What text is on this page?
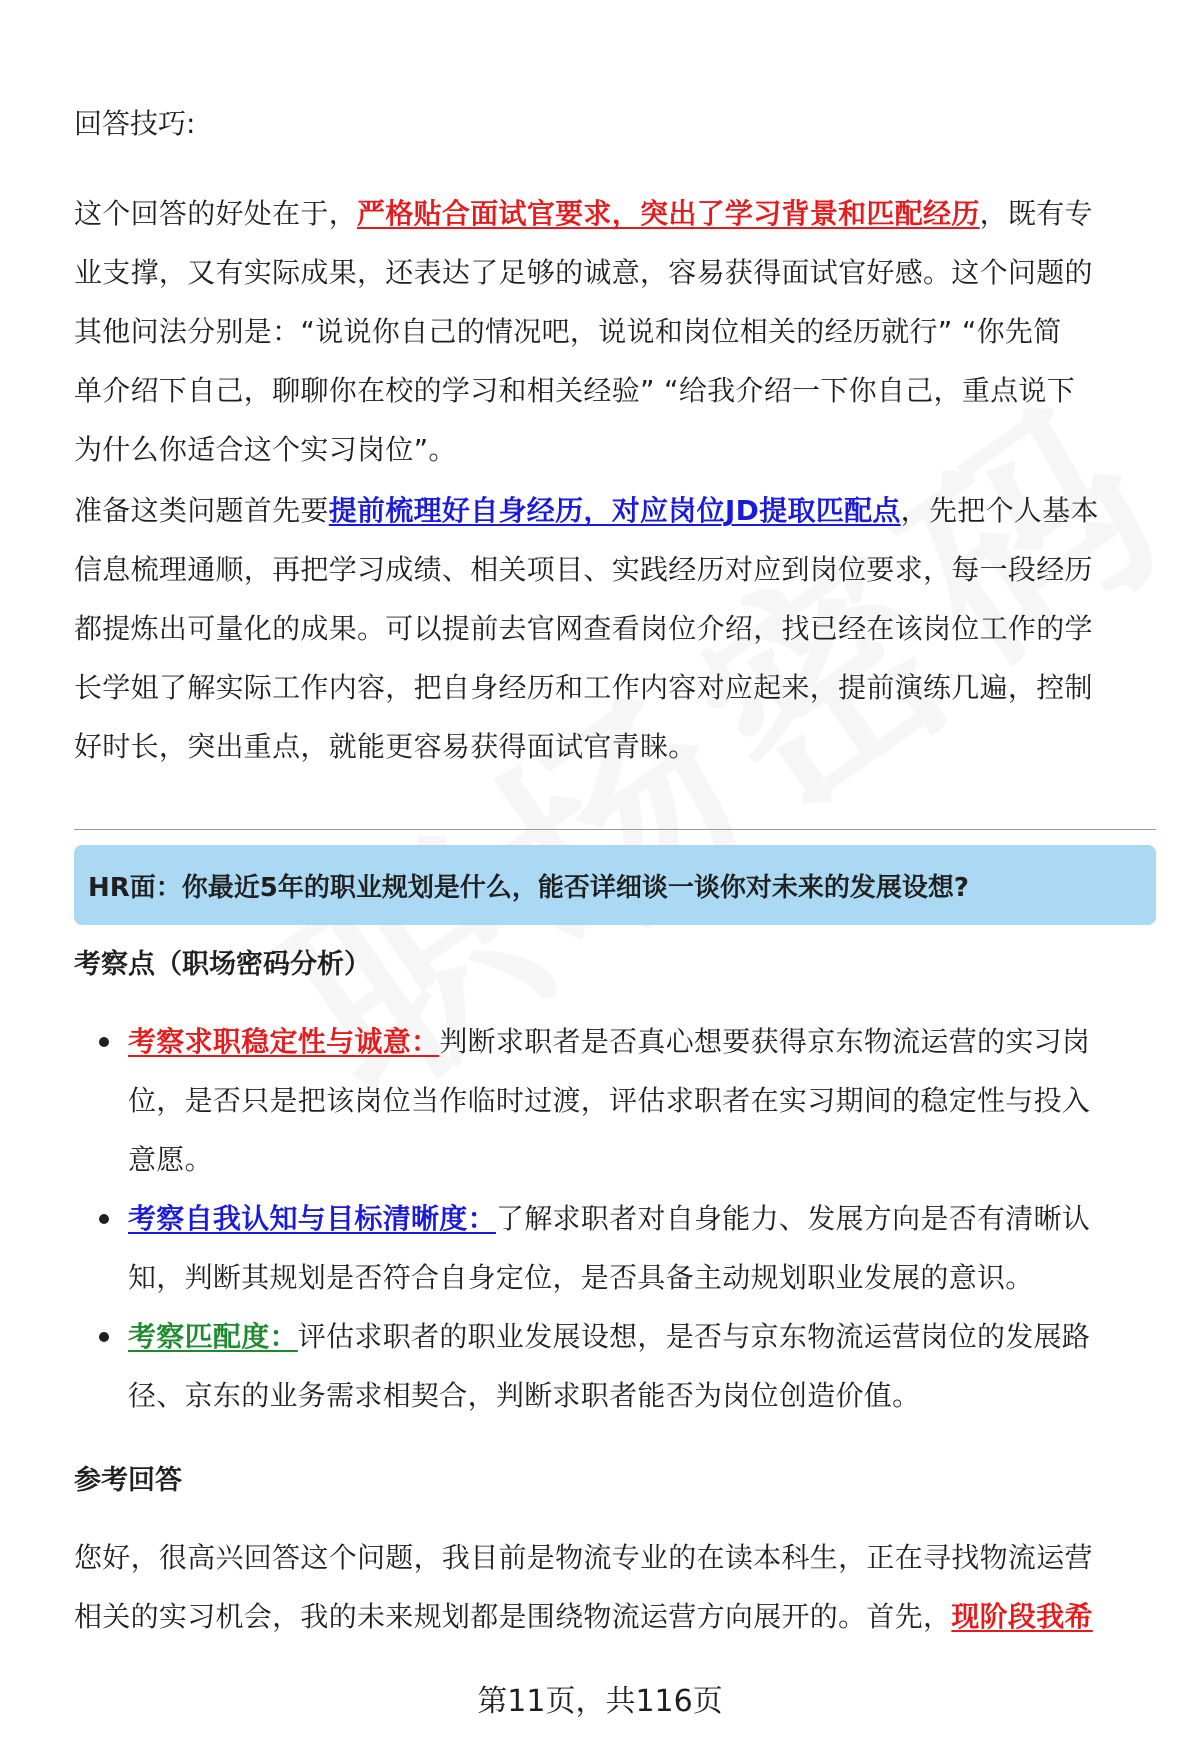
回答技巧:
这个回答的好处在于，严格贴合面试官要求，突出了学习背景和匹配经历，既有专
业支撑，又有实际成果，还表达了足够的诚意，容易获得面试官好感。这个问题的
其他问法分别是：“说说你自己的情况吧，说说和岗位相关的经历就行” “你先简
单介绍下自己，聊聊你在校的学习和相关经验” “给我介绍一下你自己，重点说下
为什么你适合这个实习岗位”。
准备这类问题首先要提前梳理好自身经历，对应岗位JD提取匹配点，先把个人基本
信息梳理通顺，再把学习成绩、相关项目、实践经历对应到岗位要求，每一段经历
都提炼出可量化的成果。可以提前去官网查看岗位介绍，找已经在该岗位工作的学
长学姐了解实际工作内容，把自身经历和工作内容对应起来，提前演练几遍，控制
好时长，突出重点，就能更容易获得面试官青睐。
HR面：你最近5年的职业规划是什么，能否详细谈一谈你对未来的发展设想?
考察点（职场密码分析）
考察求职稳定性与诚意：判断求职者是否真心想要获得京东物流运营的实习岗
位，是否只是把该岗位当作临时过渡，评估求职者在实习期间的稳定性与投入
意愿。
考察自我认知与目标清晰度：了解求职者对自身能力、发展方向是否有清晰认
知，判断其规划是否符合自身定位，是否具备主动规划职业发展的意识。
考察匹配度：评估求职者的职业发展设想，是否与京东物流运营岗位的发展路
径、京东的业务需求相契合，判断求职者能否为岗位创造价值。
参考回答
您好，很高兴回答这个问题，我目前是物流专业的在读本科生，正在寻找物流运营
相关的实习机会，我的未来规划都是围绕物流运营方向展开的。首先，现阶段我希
第11页，共116页
